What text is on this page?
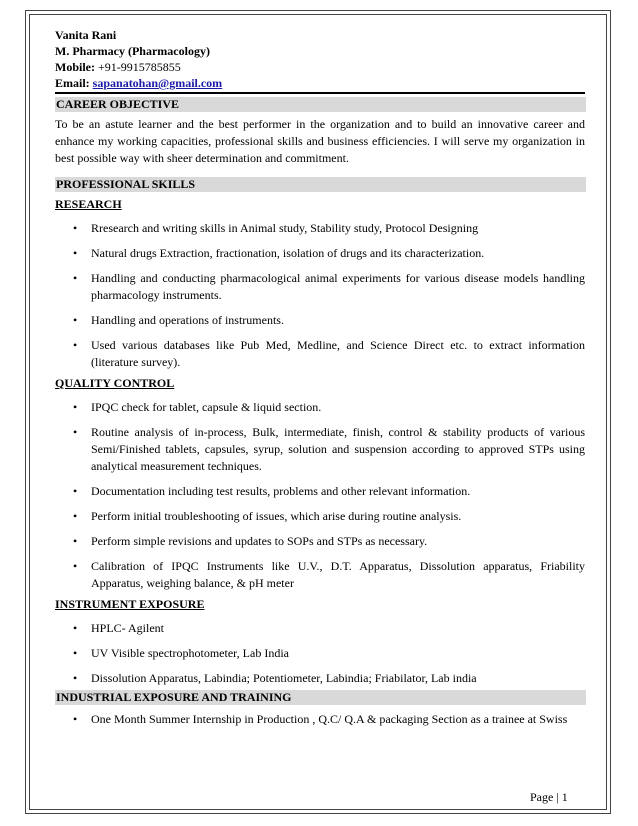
Vanita Rani
M. Pharmacy (Pharmacology)
Mobile: +91-9915785855
Email: sapanatohan@gmail.com
CAREER OBJECTIVE
To be an astute learner and the best performer in the organization and to build an innovative career and enhance my working capacities, professional skills and business efficiencies. I will serve my organization in best possible way with sheer determination and commitment.
PROFESSIONAL SKILLS
RESEARCH
• Rresearch and writing skills in Animal study, Stability study, Protocol Designing
• Natural drugs Extraction, fractionation, isolation of drugs and its characterization.
• Handling and conducting pharmacological animal experiments for various disease models handling pharmacology instruments.
• Handling and operations of instruments.
• Used various databases like Pub Med, Medline, and Science Direct etc. to extract information (literature survey).
QUALITY CONTROL
• IPQC check for tablet, capsule & liquid section.
• Routine analysis of in-process, Bulk, intermediate, finish, control & stability products of various Semi/Finished tablets, capsules, syrup, solution and suspension according to approved STPs using analytical measurement techniques.
• Documentation including test results, problems and other relevant information.
• Perform initial troubleshooting of issues, which arise during routine analysis.
• Perform simple revisions and updates to SOPs and STPs as necessary.
• Calibration of IPQC Instruments like U.V., D.T. Apparatus, Dissolution apparatus, Friability Apparatus, weighing balance, & pH meter
INSTRUMENT EXPOSURE
• HPLC- Agilent
• UV Visible spectrophotometer, Lab India
• Dissolution Apparatus, Labindia; Potentiometer, Labindia; Friabilator, Lab india
INDUSTRIAL EXPOSURE AND TRAINING
• One Month Summer Internship in Production , Q.C/ Q.A & packaging Section as a trainee at Swiss
Page | 1
